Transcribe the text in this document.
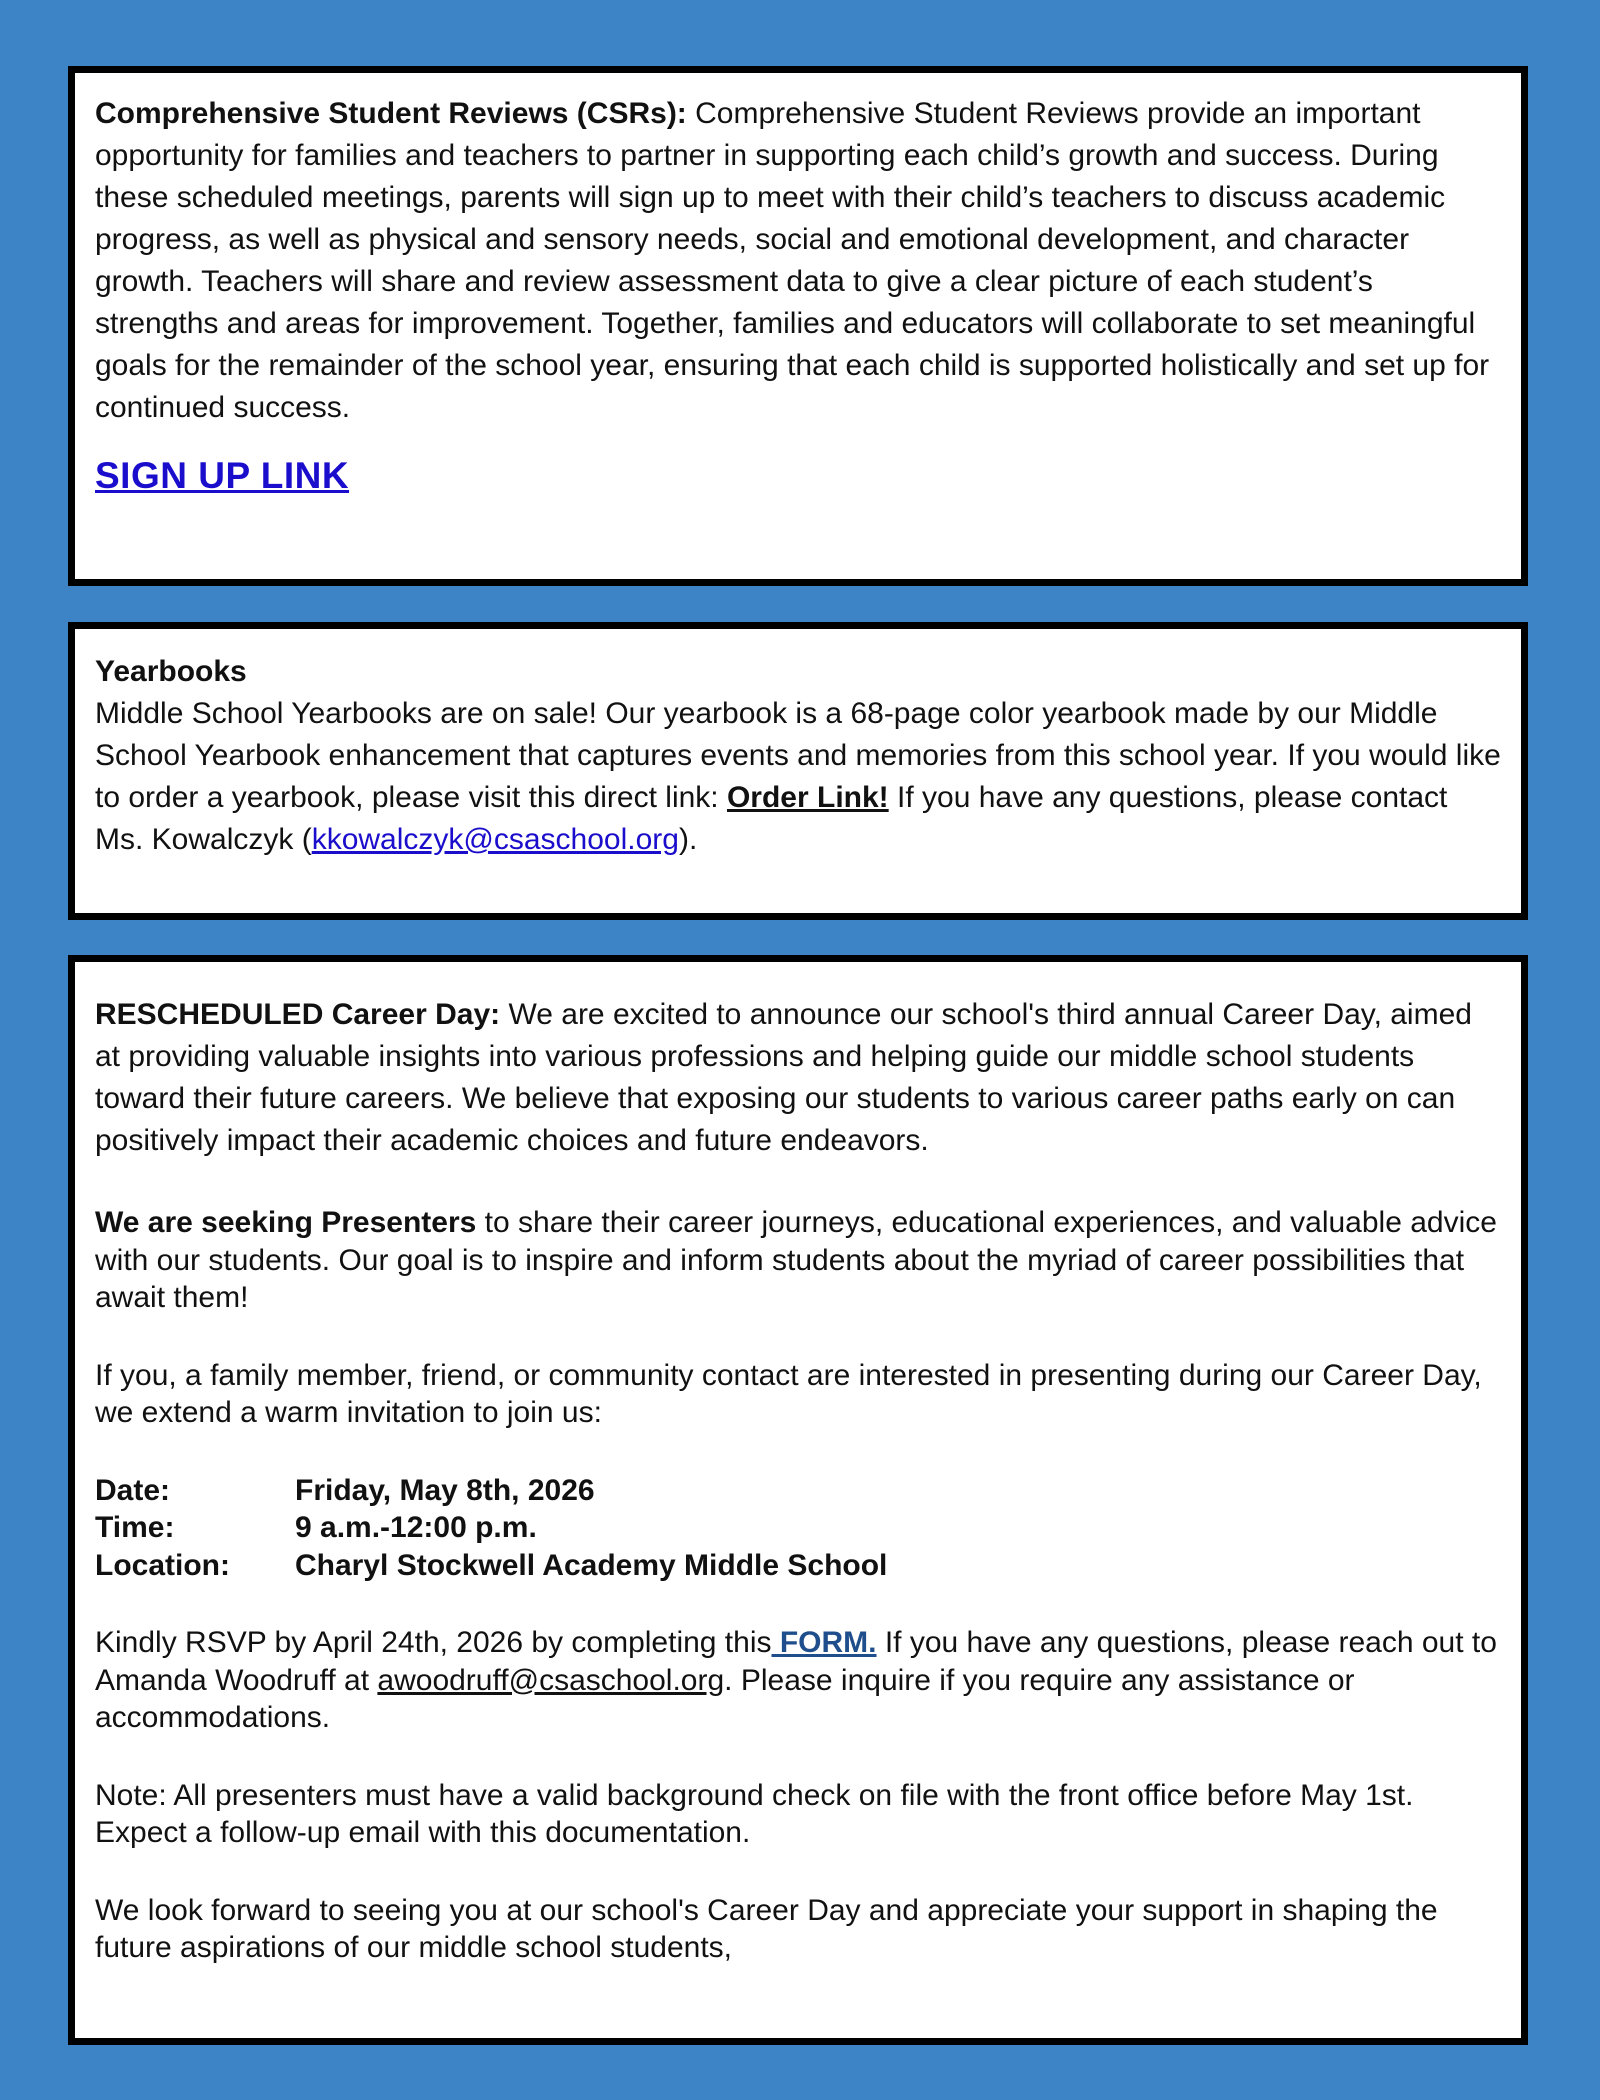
Comprehensive Student Reviews (CSRs): Comprehensive Student Reviews provide an important opportunity for families and teachers to partner in supporting each child’s growth and success. During these scheduled meetings, parents will sign up to meet with their child’s teachers to discuss academic progress, as well as physical and sensory needs, social and emotional development, and character growth. Teachers will share and review assessment data to give a clear picture of each student’s strengths and areas for improvement. Together, families and educators will collaborate to set meaningful goals for the remainder of the school year, ensuring that each child is supported holistically and set up for continued success.

SIGN UP LINK

Yearbooks

Middle School Yearbooks are on sale! Our yearbook is a 68-page color yearbook made by our Middle School Yearbook enhancement that captures events and memories from this school year. If you would like to order a yearbook, please visit this direct link: Order Link! If you have any questions, please contact Ms. Kowalczyk (kkowalczyk@csaschool.org).

RESCHEDULED Career Day: We are excited to announce our school's third annual Career Day, aimed at providing valuable insights into various professions and helping guide our middle school students toward their future careers. We believe that exposing our students to various career paths early on can positively impact their academic choices and future endeavors.

We are seeking Presenters to share their career journeys, educational experiences, and valuable advice with our students. Our goal is to inspire and inform students about the myriad of career possibilities that await them!

If you, a family member, friend, or community contact are interested in presenting during our Career Day, we extend a warm invitation to join us:

Date:	Friday, May 8th, 2026
Time:	9 a.m.-12:00 p.m.
Location:	Charyl Stockwell Academy Middle School

Kindly RSVP by April 24th, 2026 by completing this FORM. If you have any questions, please reach out to Amanda Woodruff at awoodruff@csaschool.org. Please inquire if you require any assistance or accommodations.

Note: All presenters must have a valid background check on file with the front office before May 1st. Expect a follow-up email with this documentation.

We look forward to seeing you at our school's Career Day and appreciate your support in shaping the future aspirations of our middle school students,
